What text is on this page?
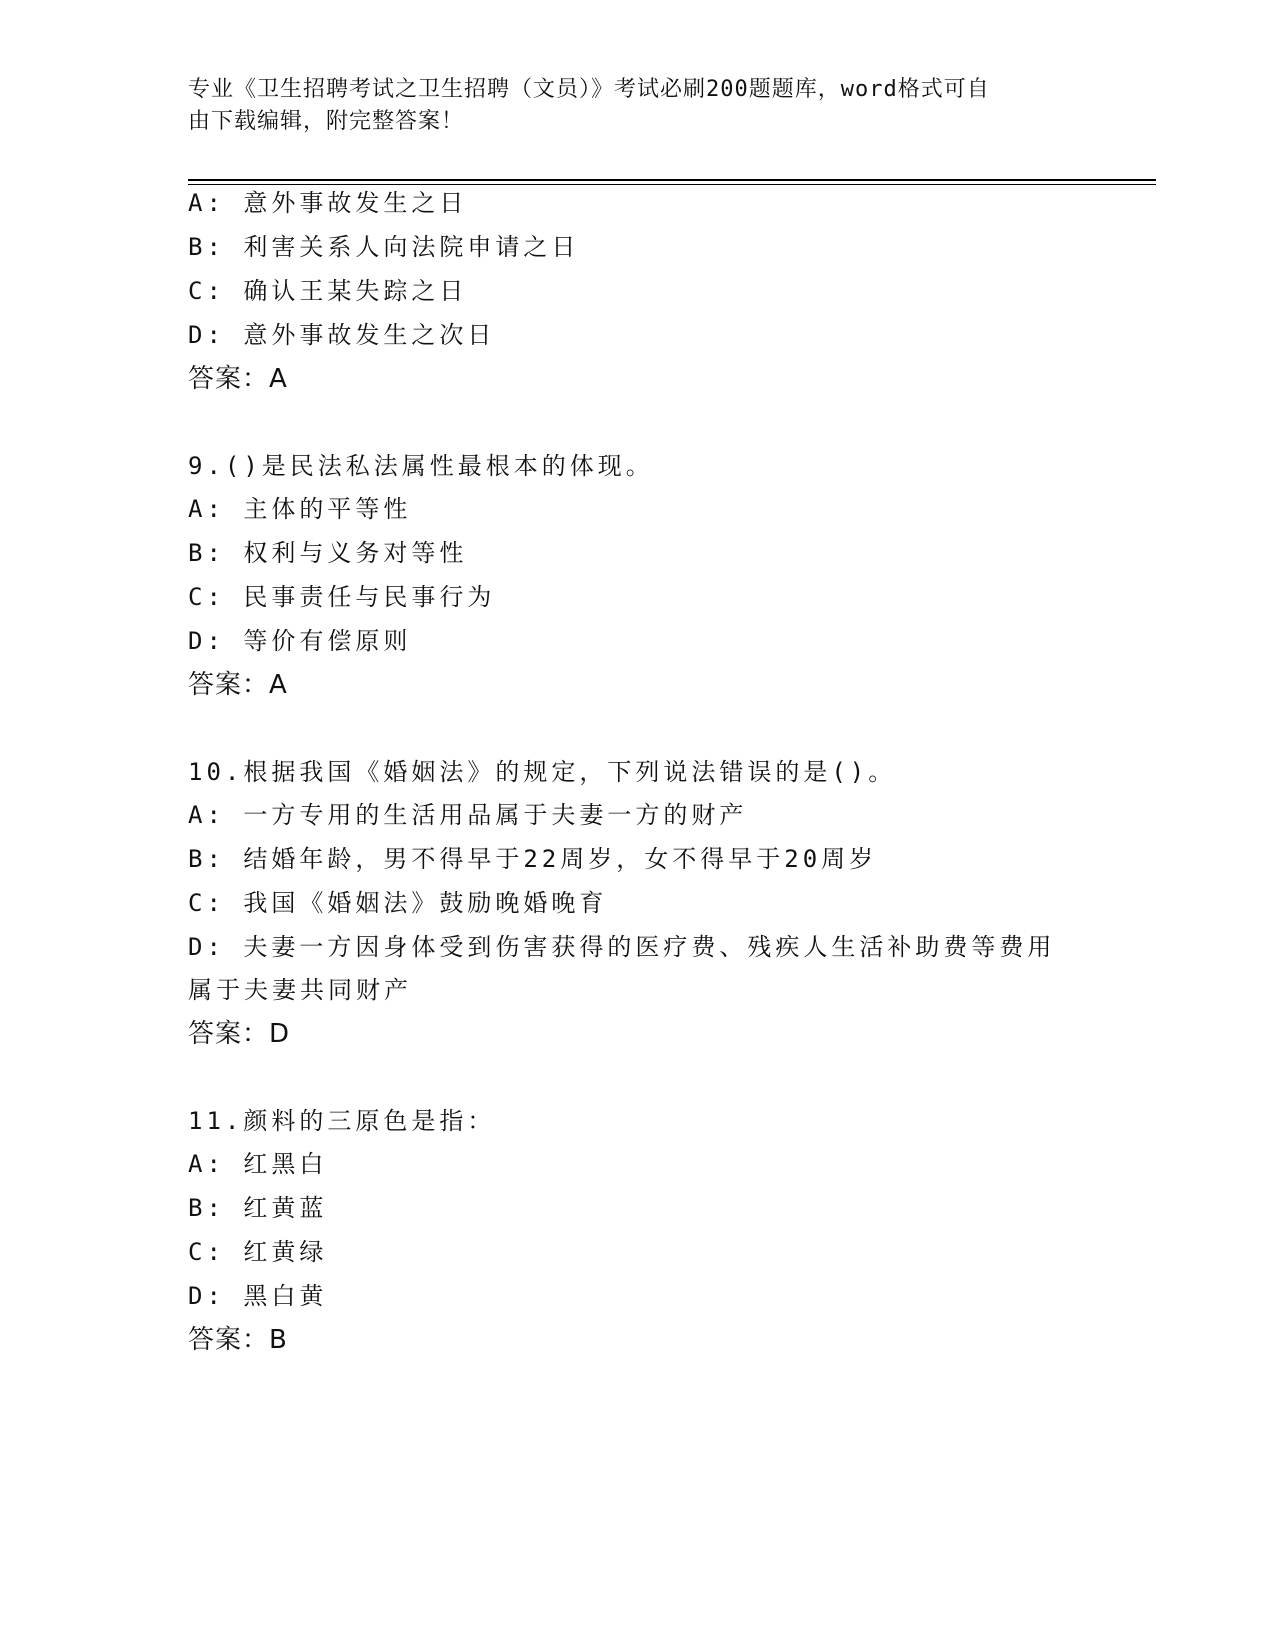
专业《卫生招聘考试之卫生招聘（文员）》考试必刷200题题库，word格式可自
由下载编辑，附完整答案！
A: 意外事故发生之日
B: 利害关系人向法院申请之日
C: 确认王某失踪之日
D: 意外事故发生之次日
答案：A
9.()是民法私法属性最根本的体现。
A: 主体的平等性
B: 权利与义务对等性
C: 民事责任与民事行为
D: 等价有偿原则
答案：A
10.根据我国《婚姻法》的规定，下列说法错误的是()。
A: 一方专用的生活用品属于夫妻一方的财产
B: 结婚年龄，男不得早于22周岁，女不得早于20周岁
C: 我国《婚姻法》鼓励晚婚晚育
D: 夫妻一方因身体受到伤害获得的医疗费、残疾人生活补助费等费用
属于夫妻共同财产
答案：D
11.颜料的三原色是指：
A: 红黑白
B: 红黄蓝
C: 红黄绿
D: 黑白黄
答案：B
